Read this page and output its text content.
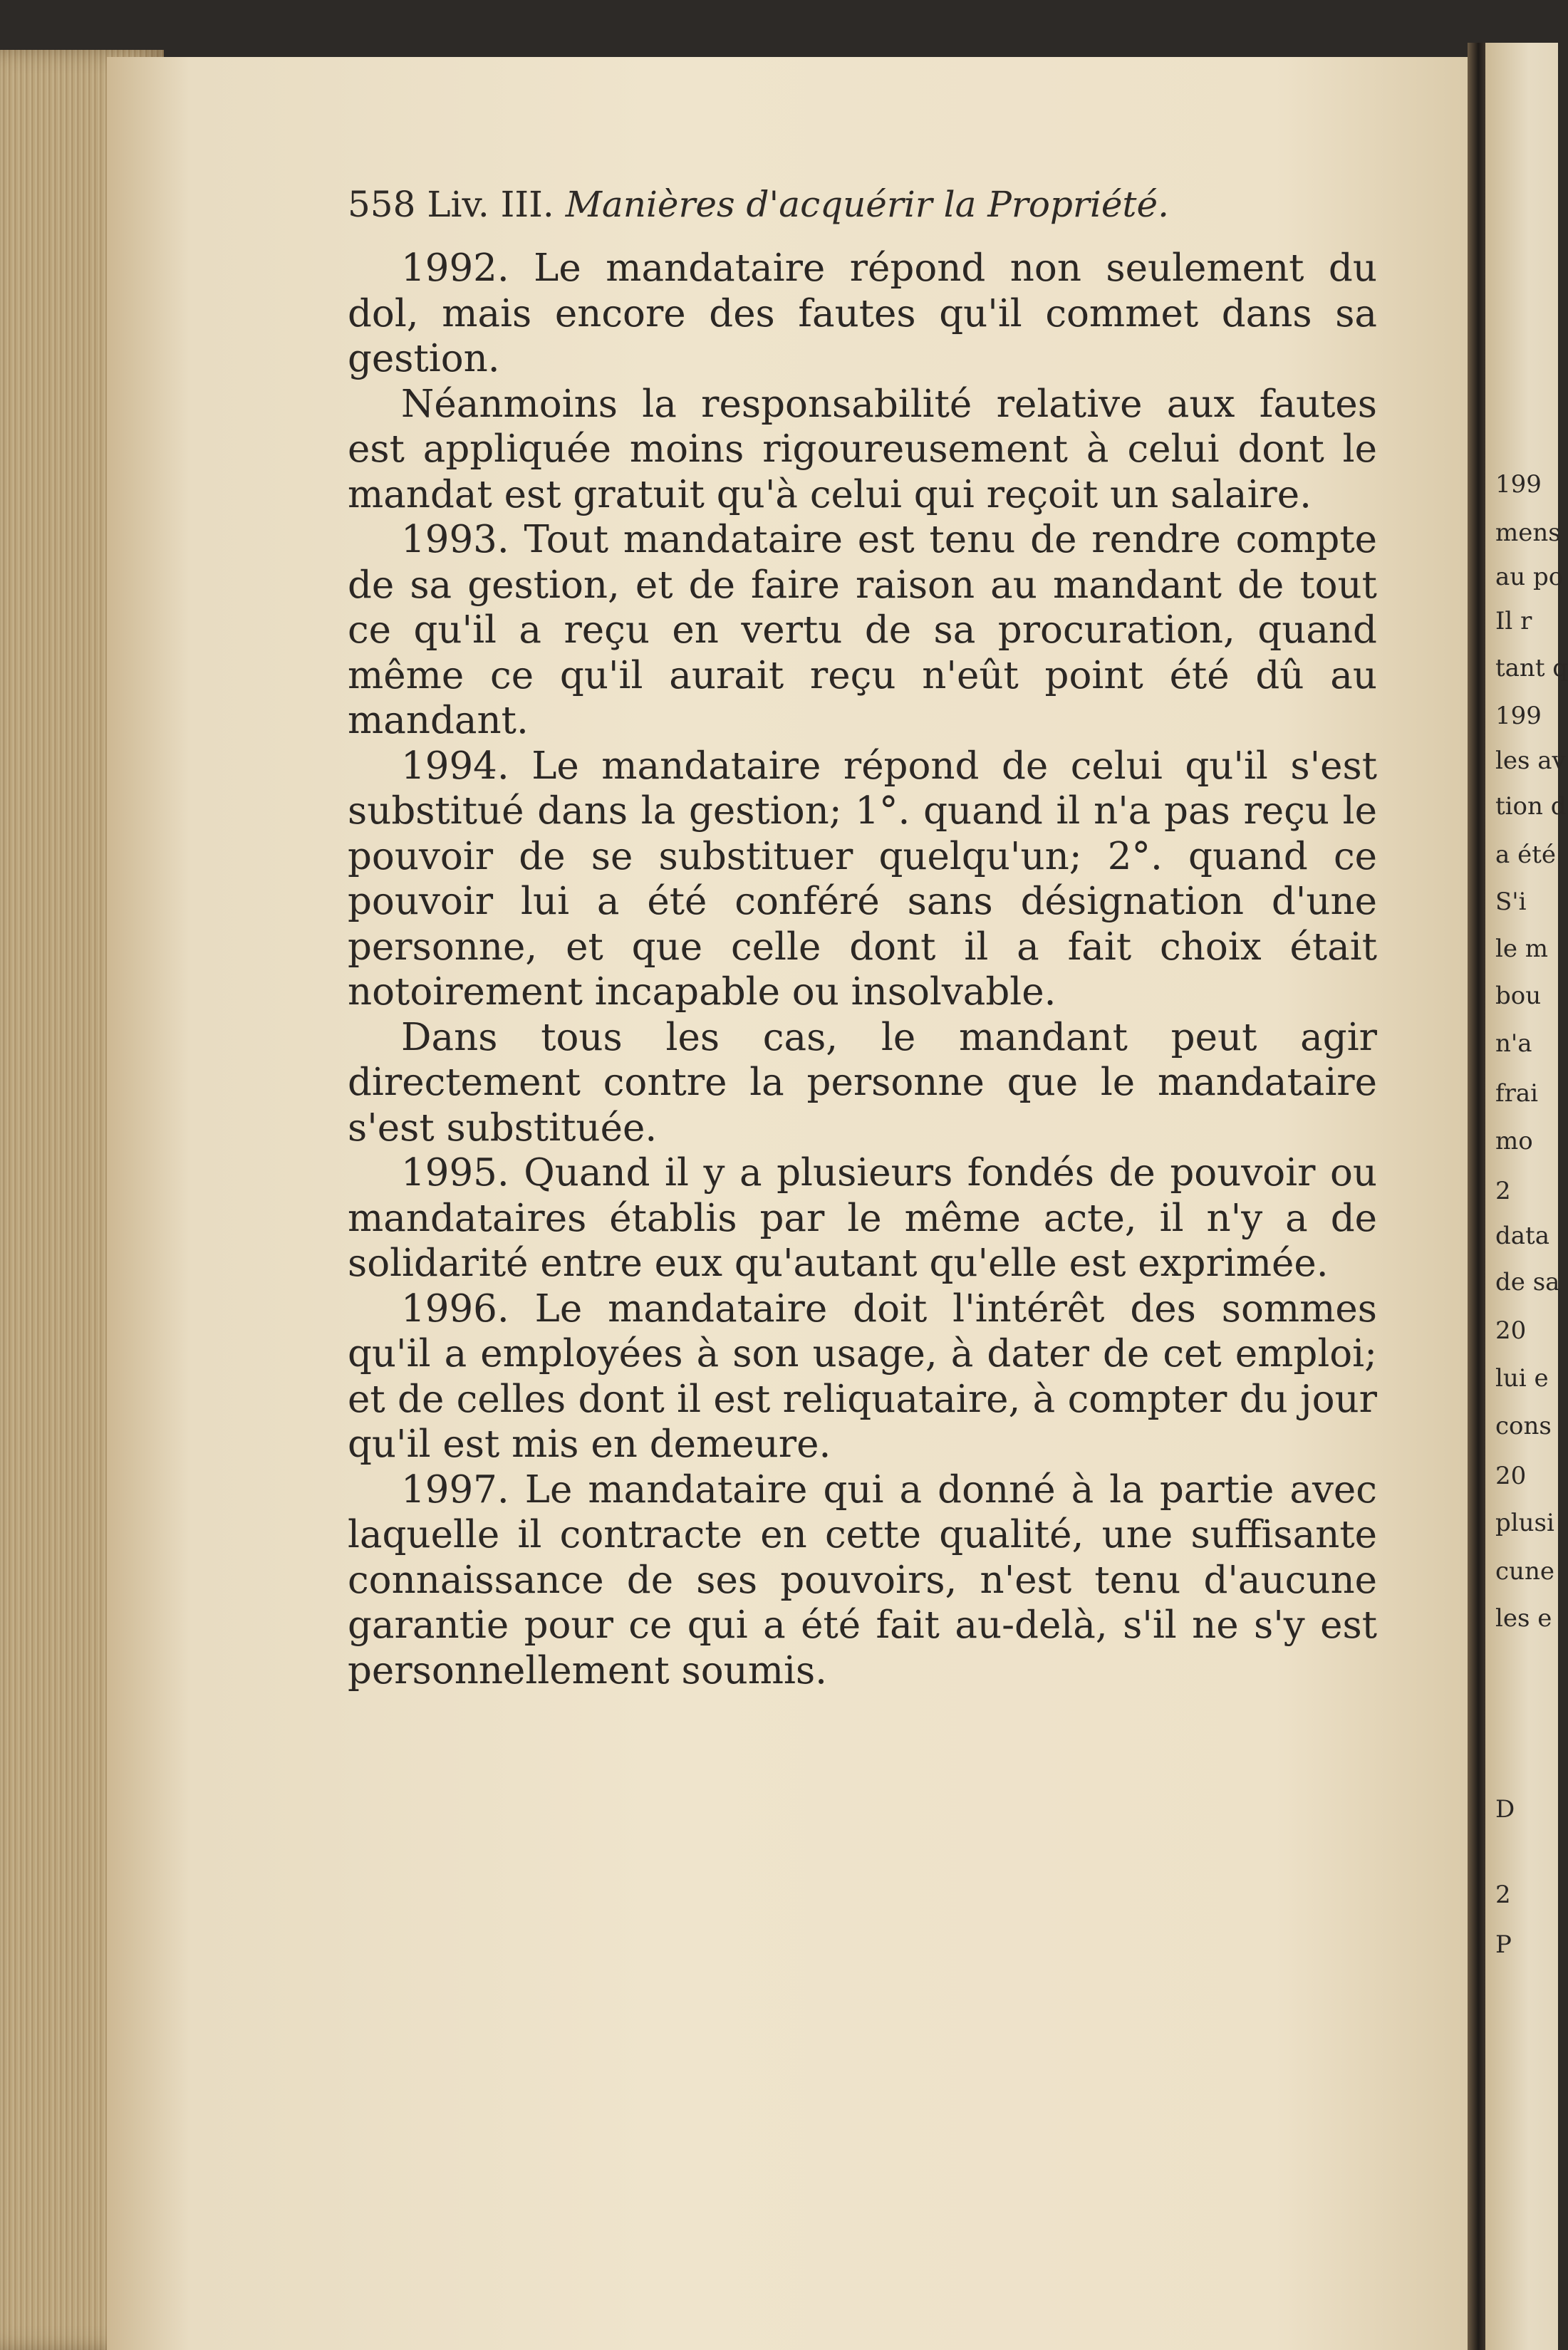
199
mens
au po
Il r
tant q
199
les av
tion d
a été
S'i
le m
bou
n'a
frai
mo
2
data
de sa
20
lui e
cons
20
plusi
cune
les e
D
2
P
558 Liv. III. Manières d'acquérir la Propriété.

1992. Le mandataire répond non seulement du dol, mais encore des fautes qu'il commet dans sa gestion.

Néanmoins la responsabilité relative aux fautes est appliquée moins rigoureusement à celui dont le mandat est gratuit qu'à celui qui reçoit un salaire.

1993. Tout mandataire est tenu de rendre compte de sa gestion, et de faire raison au mandant de tout ce qu'il a reçu en vertu de sa procuration, quand même ce qu'il aurait reçu n'eût point été dû au mandant.

1994. Le mandataire répond de celui qu'il s'est substitué dans la gestion; 1°. quand il n'a pas reçu le pouvoir de se substituer quelqu'un; 2°. quand ce pouvoir lui a été conféré sans désignation d'une personne, et que celle dont il a fait choix était notoirement incapable ou insolvable.

Dans tous les cas, le mandant peut agir directement contre la personne que le mandataire s'est substituée.

1995. Quand il y a plusieurs fondés de pouvoir ou mandataires établis par le même acte, il n'y a de solidarité entre eux qu'autant qu'elle est exprimée.

1996. Le mandataire doit l'intérêt des sommes qu'il a employées à son usage, à dater de cet emploi; et de celles dont il est reliquataire, à compter du jour qu'il est mis en demeure.

1997. Le mandataire qui a donné à la partie avec laquelle il contracte en cette qualité, une suffisante connaissance de ses pouvoirs, n'est tenu d'aucune garantie pour ce qui a été fait au-delà, s'il ne s'y est personnellement soumis.
